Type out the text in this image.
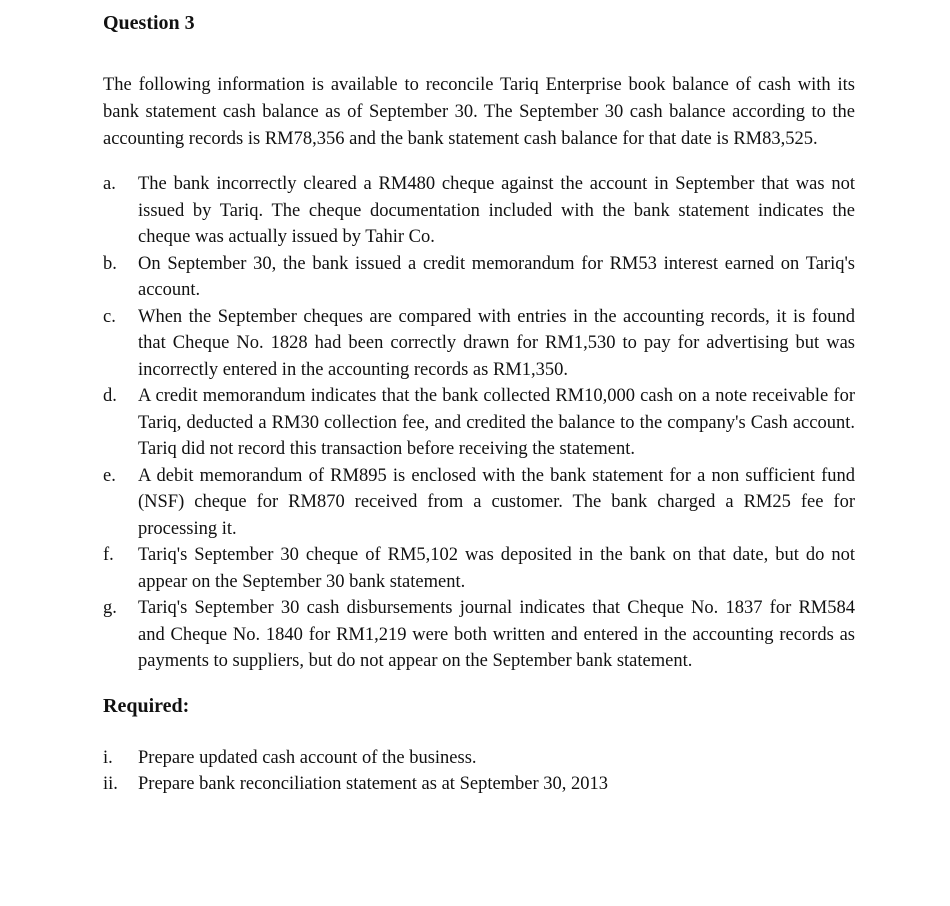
Question 3

The following information is available to reconcile Tariq Enterprise book balance of cash with its bank statement cash balance as of September 30. The September 30 cash balance according to the accounting records is RM78,356 and the bank statement cash balance for that date is RM83,525.

a.	The bank incorrectly cleared a RM480 cheque against the account in September that was not issued by Tariq. The cheque documentation included with the bank statement indicates the cheque was actually issued by Tahir Co.
b.	On September 30, the bank issued a credit memorandum for RM53 interest earned on Tariq's account.
c.	When the September cheques are compared with entries in the accounting records, it is found that Cheque No. 1828 had been correctly drawn for RM1,530 to pay for advertising but was incorrectly entered in the accounting records as RM1,350.
d.	A credit memorandum indicates that the bank collected RM10,000 cash on a note receivable for Tariq, deducted a RM30 collection fee, and credited the balance to the company's Cash account. Tariq did not record this transaction before receiving the statement.
e.	A debit memorandum of RM895 is enclosed with the bank statement for a non sufficient fund (NSF) cheque for RM870 received from a customer. The bank charged a RM25 fee for processing it.
f.	Tariq's September 30 cheque of RM5,102 was deposited in the bank on that date, but do not appear on the September 30 bank statement.
g.	Tariq's September 30 cash disbursements journal indicates that Cheque No. 1837 for RM584 and Cheque No. 1840 for RM1,219 were both written and entered in the accounting records as payments to suppliers, but do not appear on the September bank statement.
Required:
i.	Prepare updated cash account of the business.
ii.	Prepare bank reconciliation statement as at September 30, 2013
